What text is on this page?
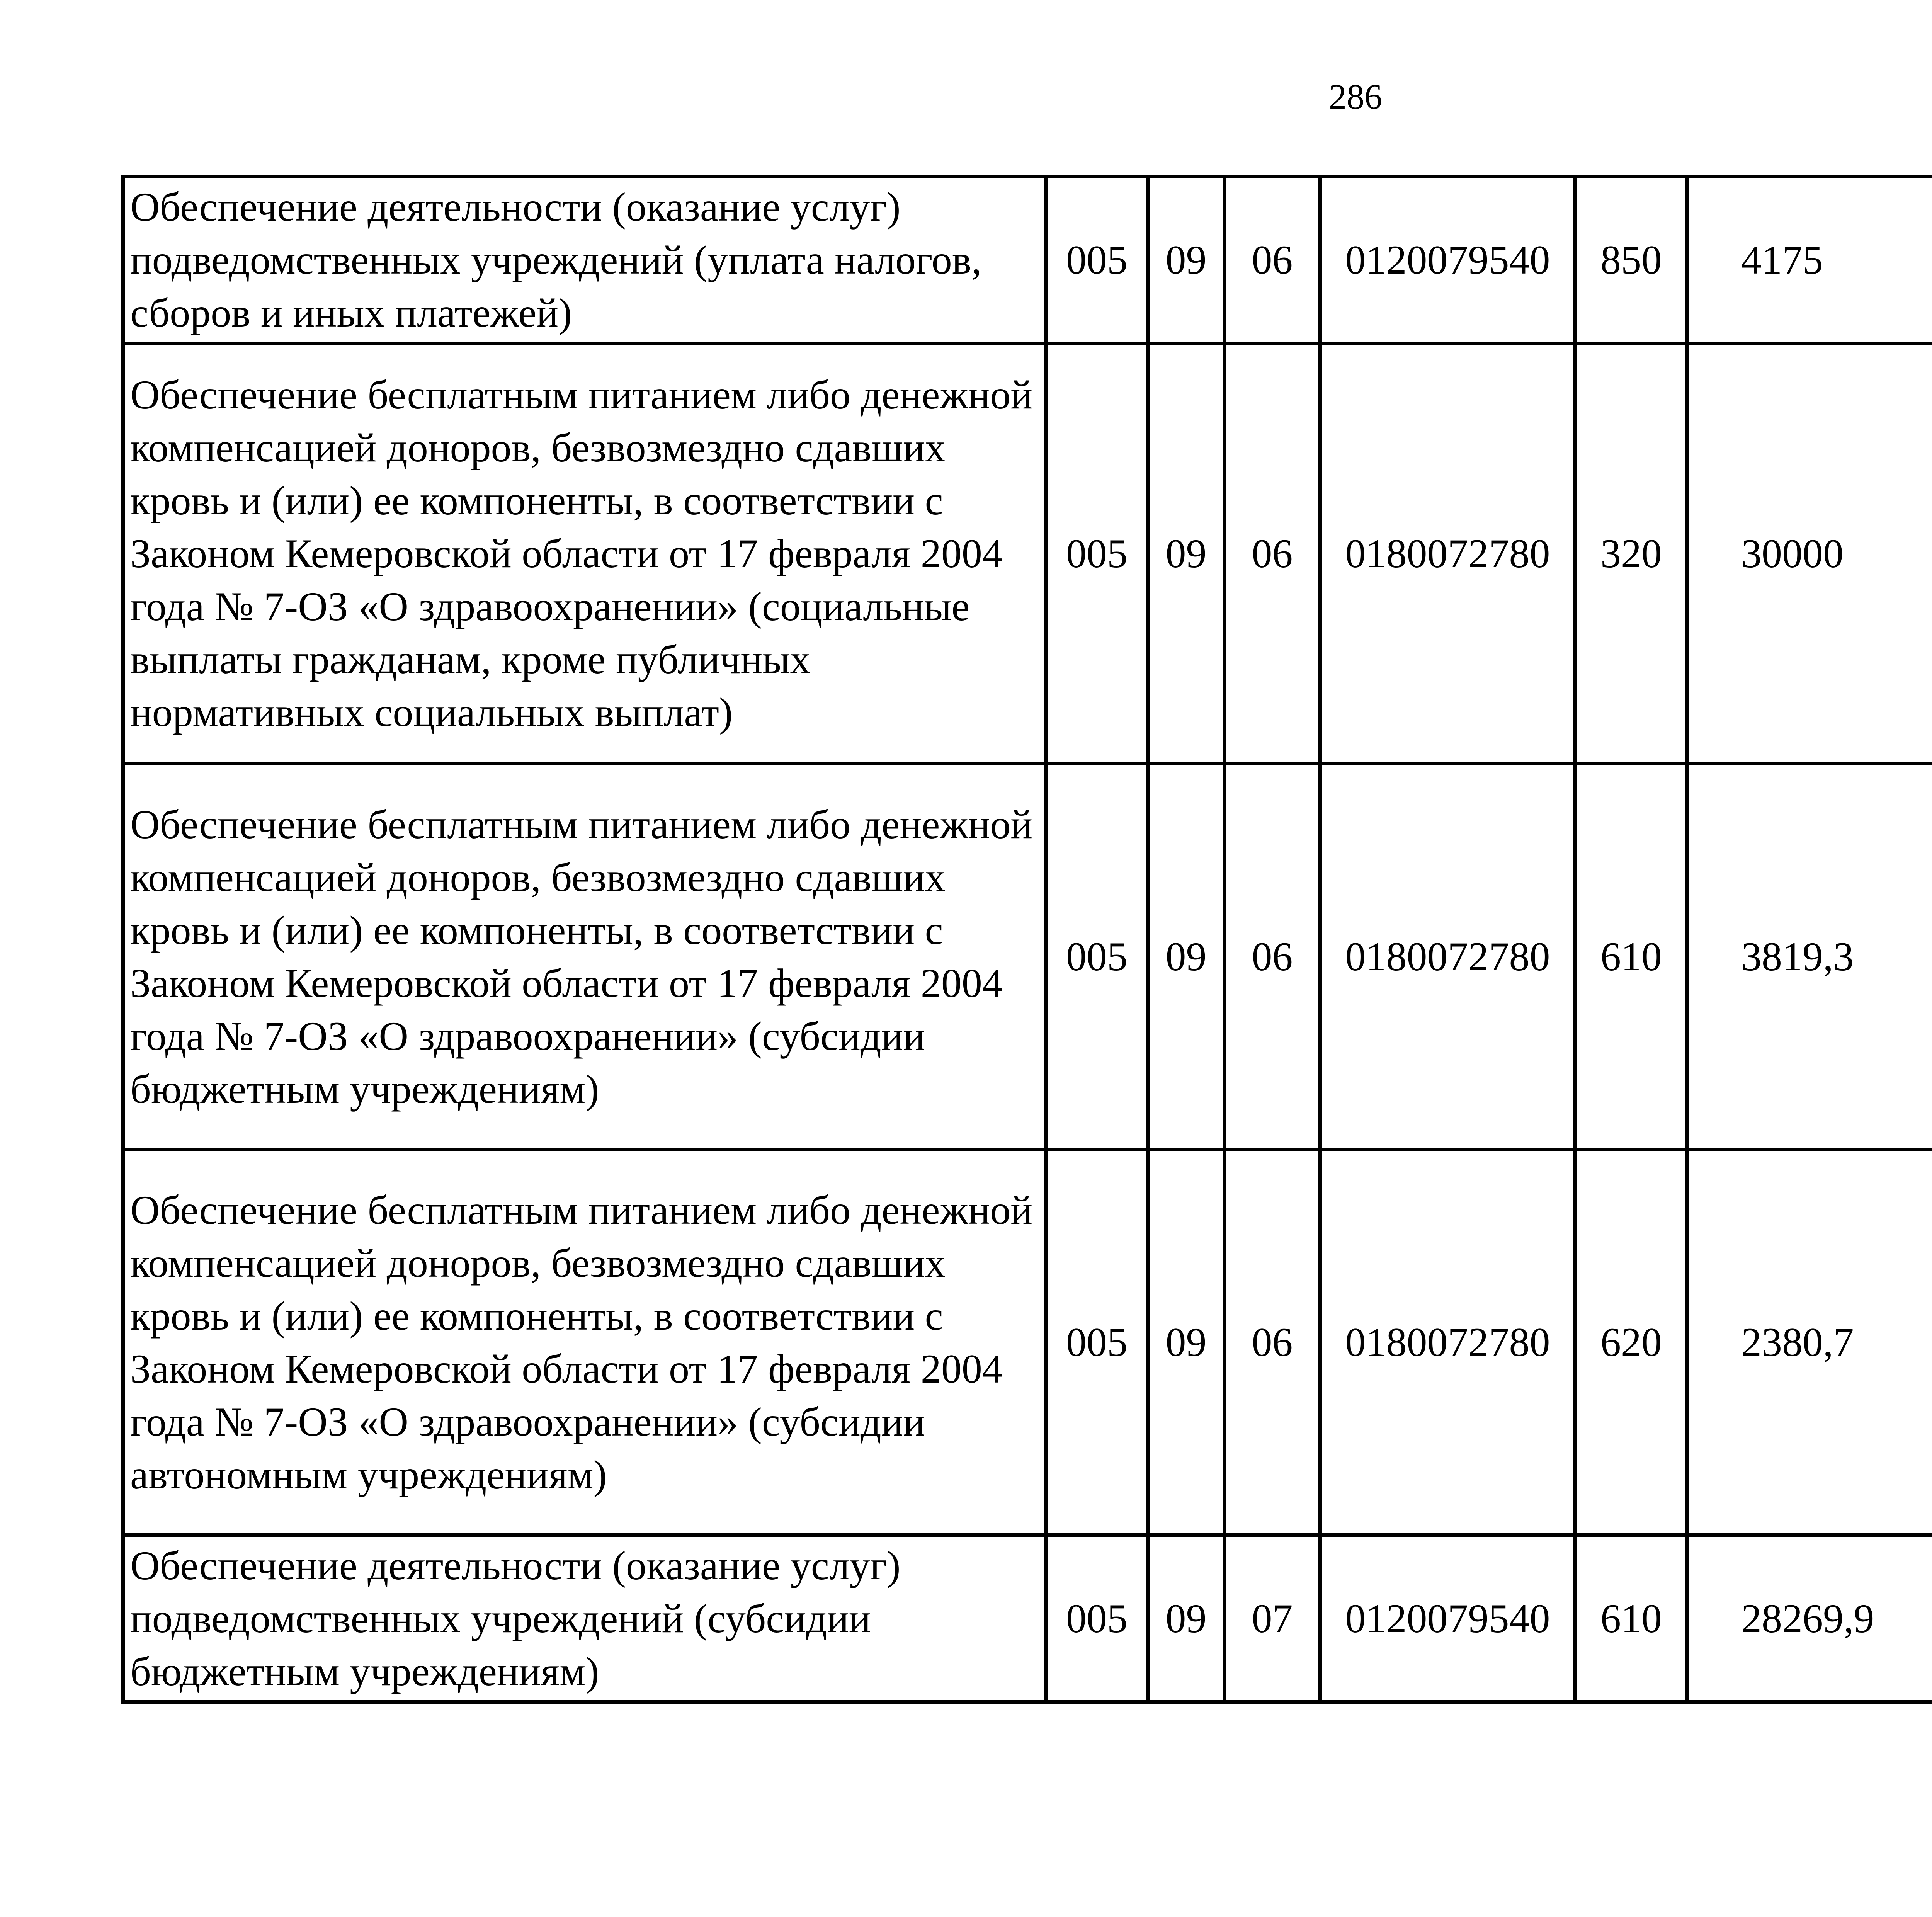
286
Обеспечение деятельности (оказание услуг) подведомственных учреждений (уплата налогов, сборов и иных платежей)	005	09	06	0120079540	850	4175		
Обеспечение бесплатным питанием либо денежной компенсацией доноров, безвозмездно сдавших кровь и (или) ее компоненты, в соответствии с Законом Кемеровской области от 17 февраля 2004 года № 7-ОЗ «О здравоохранении» (социальные выплаты гражданам, кроме публичных нормативных социальных выплат)	005	09	06	0180072780	320	30000		
Обеспечение бесплатным питанием либо денежной компенсацией доноров, безвозмездно сдавших кровь и (или) ее компоненты, в соответствии с Законом Кемеровской области от 17 февраля 2004 года № 7-ОЗ «О здравоохранении» (субсидии бюджетным учреждениям)	005	09	06	0180072780	610	3819,3		
Обеспечение бесплатным питанием либо денежной компенсацией доноров, безвозмездно сдавших кровь и (или) ее компоненты, в соответствии с Законом Кемеровской области от 17 февраля 2004 года № 7-ОЗ «О здравоохранении» (субсидии автономным учреждениям)	005	09	06	0180072780	620	2380,7		
Обеспечение деятельности (оказание услуг) подведомственных учреждений (субсидии бюджетным учреждениям)	005	09	07	0120079540	610	28269,9		
